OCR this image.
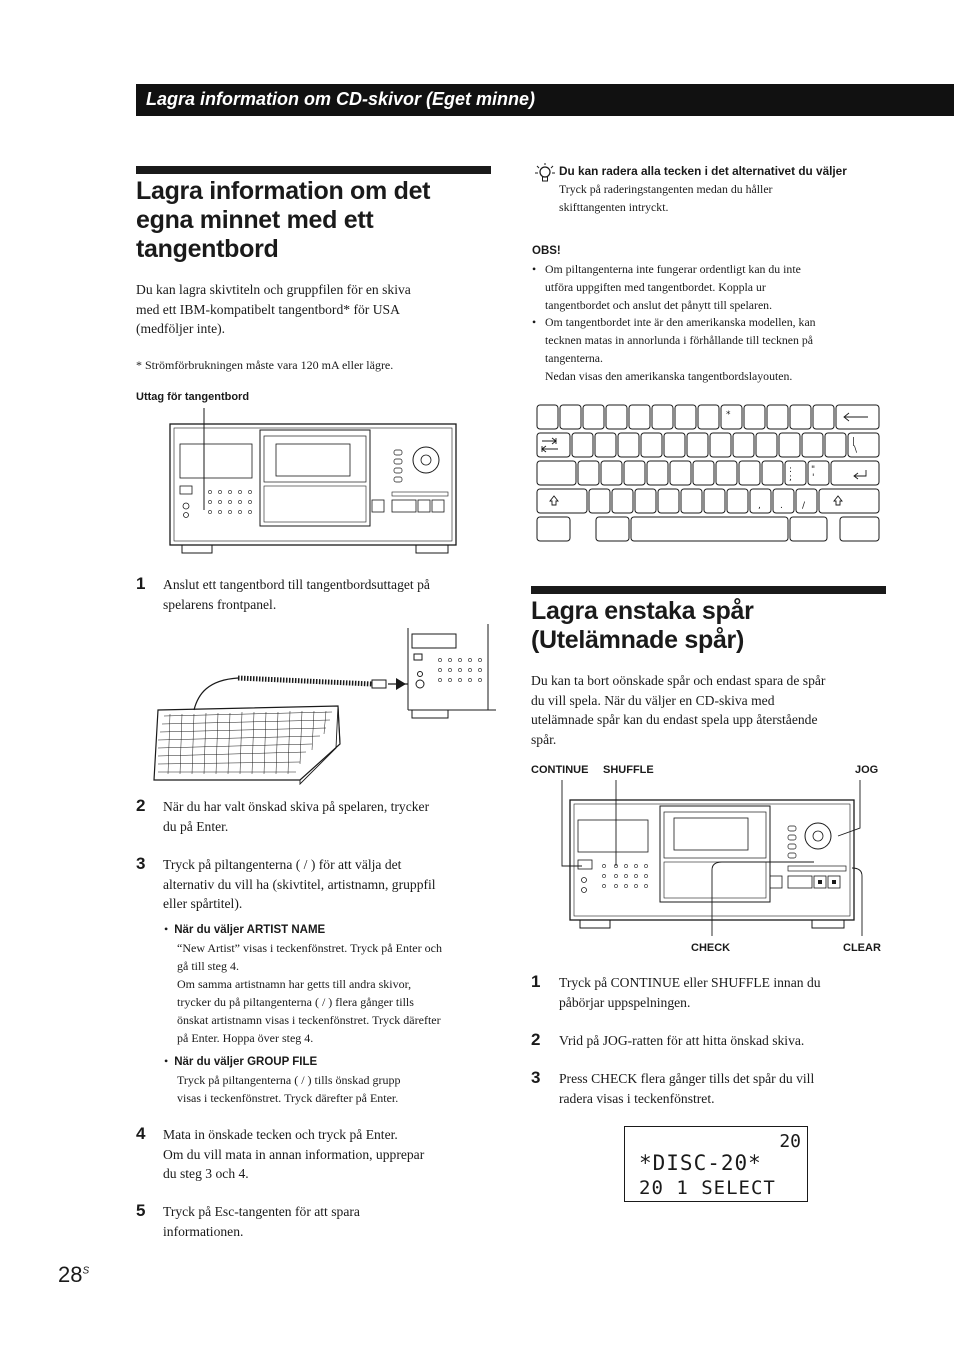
Lagra information om CD-skivor (Eget minne)
Lagra information om det
egna minnet med ett
tangentbord
Du kan lagra skivtiteln och gruppfilen för en skiva
med ett IBM-kompatibelt tangentbord* för USA
(medföljer inte).
* Strömförbrukningen måste vara 120 mA eller lägre.
Uttag för tangentbord
1 Anslut ett tangentbord till tangentbordsuttaget på
spelarens frontpanel.
2 När du har valt önskad skiva på spelaren, trycker
du på Enter.
3 Tryck på piltangenterna ( / ) för att välja det
alternativ du vill ha (skivtitel, artistnamn, gruppfil
eller spårtitel).
•  När du väljer ARTIST NAME
“New Artist” visas i teckenfönstret. Tryck på Enter och
gå till steg 4.
Om samma artistnamn har getts till andra skivor,
trycker du på piltangenterna ( / ) flera gånger tills
önskat artistnamn visas i teckenfönstret. Tryck därefter
på Enter. Hoppa över steg 4.
•  När du väljer GROUP FILE
Tryck på piltangenterna ( / ) tills önskad grupp
visas i teckenfönstret. Tryck därefter på Enter.
4 Mata in önskade tecken och tryck på Enter.
Om du vill mata in annan information, upprepar
du steg 3 och 4.
5 Tryck på Esc-tangenten för att spara
informationen.
$28^S$
Du kan radera alla tecken i det alternativet du väljer
Tryck på raderingstangenten medan du håller
skifttangenten intryckt.
OBS!
• Om piltangenterna inte fungerar ordentligt kan du inte
utföra uppgiften med tangentbordet. Koppla ur
tangentbordet och anslut det pånytt till spelaren.
• Om tangentbordet inte är den amerikanska modellen, kan
tecknen matas in annorlunda i förhållande till tecknen på
tangenterna.
Nedan visas den amerikanska tangentbordslayouten.
*
:
;
"
'
, . /
|
\
Lagra enstaka spår
(Utelämnade spår)
Du kan ta bort oönskade spår och endast spara de spår
du vill spela. När du väljer en CD-skiva med
utelämnade spår kan du endast spela upp återstående
spår.
CONTINUE SHUFFLE	JOG
CHECK	CLEAR
1 Tryck på CONTINUE eller SHUFFLE innan du
påbörjar uppspelningen.
2 Vrid på JOG-ratten för att hitta önskad skiva.
3 Press CHECK flera gånger tills det spår du vill
radera visas i teckenfönstret.
20
*DISC-20*
20 1 SELECT
